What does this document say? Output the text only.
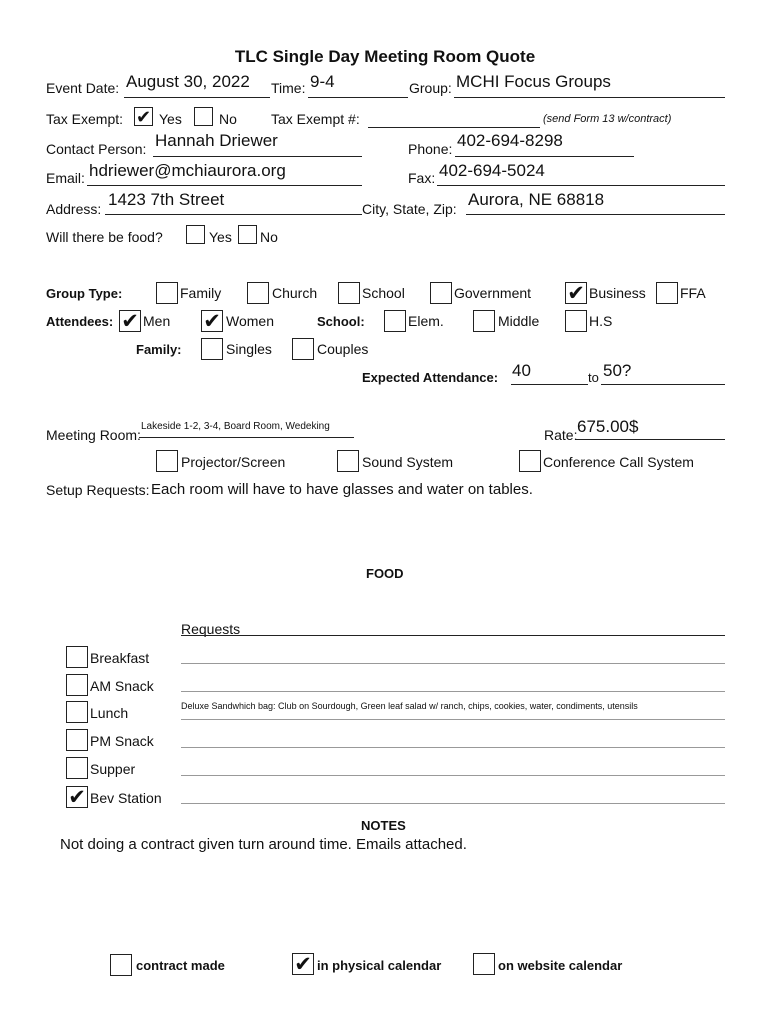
TLC Single Day Meeting Room Quote
Event Date: August 30, 2022 Time: 9-4	Group: MCHI Focus Groups
Tax Exempt: ✔ Yes	No Tax Exempt #:	(send Form 13 w/contract)
Contact Person: Hannah Driewer	Phone: 402-694-8298
Email: hdriewer@mchiaurora.org	Fax: 402-694-5024
Address: 1423 7th Street	City, State, Zip: Aurora, NE 68818
Will there be food?	Yes No
Group Type:	Family	Church	School	Government ✔ Business FFA
Attendees: ✔ Men ✔ Women	School:	Elem.	Middle	H.S
Family:	Singles	Couples
Expected Attendance: 40	to 50?
Meeting Room:
Lakeside 1-2, 3-4, Board Room, Wedeking
Rate: 675.00$
Projector/Screen	Sound System	Conference Call System
Setup Requests: Each room will have to have glasses and water on tables.
FOOD
Requests
Breakfast
AM Snack
Lunch	Deluxe Sandwhich bag: Club on Sourdough, Green leaf salad w/ ranch, chips, cookies, water, condiments, utensils
PM Snack
Supper
✔ Bev Station
NOTES
Not doing a contract given turn around time. Emails attached.
contract made	✔ in physical calendar	on website calendar
